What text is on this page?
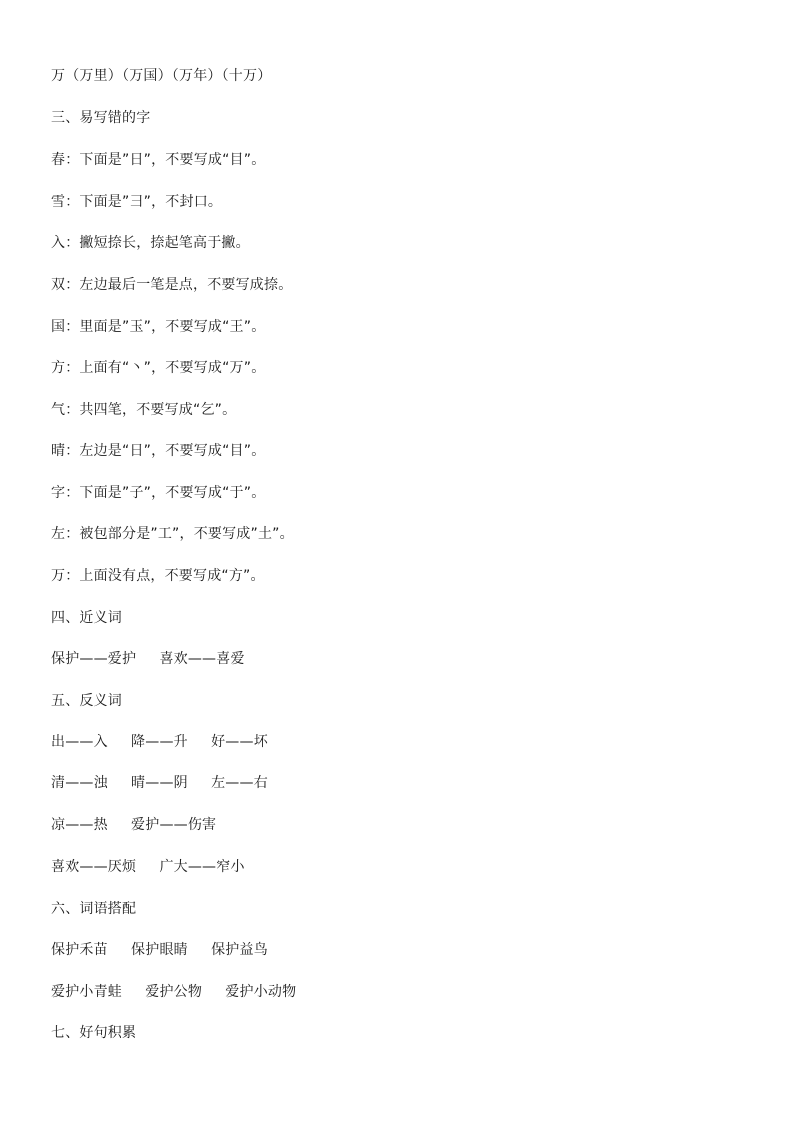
万（万里）（万国）（万年）（十万）
三、易写错的字
春：下面是”日”，不要写成“目”。
雪：下面是”彐”，不封口。
入：撇短捺长，捺起笔高于撇。
双：左边最后一笔是点，不要写成捺。
国：里面是”玉”，不要写成“王”。
方：上面有“丶”，不要写成“万”。
气：共四笔，不要写成“乞”。
晴：左边是“日”，不要写成“目”。
字：下面是”子”，不要写成“于”。
左：被包部分是”工”，不要写成”土”。
万：上面没有点，不要写成“方”。
四、近义词
保护——爱护     喜欢——喜爱
五、反义词
出——入     降——升     好——坏
清——浊     晴——阴     左——右
凉——热     爱护——伤害
喜欢——厌烦     广大——窄小
六、词语搭配
保护禾苗     保护眼睛     保护益鸟
爱护小青蛙     爱护公物     爱护小动物
七、好句积累
